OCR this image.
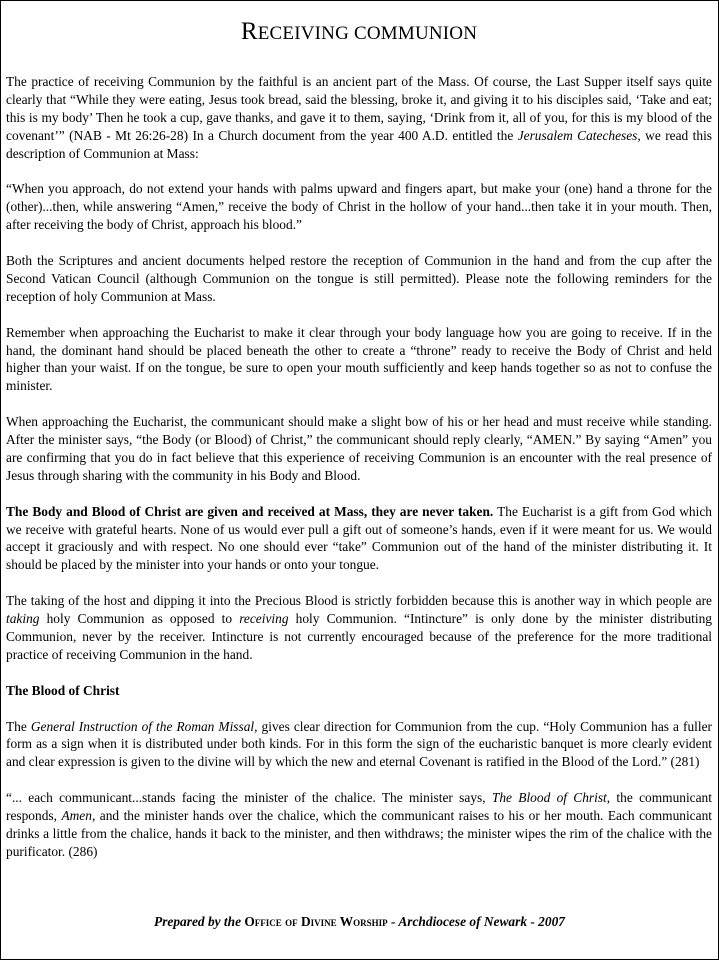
RECEIVING COMMUNION

The practice of receiving Communion by the faithful is an ancient part of the Mass. Of course, the Last Supper itself says quite clearly that “While they were eating, Jesus took bread, said the blessing, broke it, and giving it to his disciples said, ‘Take and eat; this is my body’ Then he took a cup, gave thanks, and gave it to them, saying, ‘Drink from it, all of you, for this is my blood of the covenant’” (NAB - Mt 26:26-28) In a Church document from the year 400 A.D. entitled the Jerusalem Catecheses, we read this description of Communion at Mass:

“When you approach, do not extend your hands with palms upward and fingers apart, but make your (one) hand a throne for the (other)...then, while answering “Amen,” receive the body of Christ in the hollow of your hand...then take it in your mouth. Then, after receiving the body of Christ, approach his blood.”

Both the Scriptures and ancient documents helped restore the reception of Communion in the hand and from the cup after the Second Vatican Council (although Communion on the tongue is still permitted). Please note the following reminders for the reception of holy Communion at Mass.

Remember when approaching the Eucharist to make it clear through your body language how you are going to receive. If in the hand, the dominant hand should be placed beneath the other to create a “throne” ready to receive the Body of Christ and held higher than your waist. If on the tongue, be sure to open your mouth sufficiently and keep hands together so as not to confuse the minister.

When approaching the Eucharist, the communicant should make a slight bow of his or her head and must receive while standing. After the minister says, “the Body (or Blood) of Christ,” the communicant should reply clearly, “AMEN.” By saying “Amen” you are confirming that you do in fact believe that this experience of receiving Communion is an encounter with the real presence of Jesus through sharing with the community in his Body and Blood.

The Body and Blood of Christ are given and received at Mass, they are never taken. The Eucharist is a gift from God which we receive with grateful hearts. None of us would ever pull a gift out of someone’s hands, even if it were meant for us. We would accept it graciously and with respect. No one should ever “take” Communion out of the hand of the minister distributing it. It should be placed by the minister into your hands or onto your tongue.

The taking of the host and dipping it into the Precious Blood is strictly forbidden because this is another way in which people are taking holy Communion as opposed to receiving holy Communion. “Intincture” is only done by the minister distributing Communion, never by the receiver. Intincture is not currently encouraged because of the preference for the more traditional practice of receiving Communion in the hand.

The Blood of Christ

The General Instruction of the Roman Missal, gives clear direction for Communion from the cup. “Holy Communion has a fuller form as a sign when it is distributed under both kinds. For in this form the sign of the eucharistic banquet is more clearly evident and clear expression is given to the divine will by which the new and eternal Covenant is ratified in the Blood of the Lord.” (281)

“... each communicant...stands facing the minister of the chalice. The minister says, The Blood of Christ, the communicant responds, Amen, and the minister hands over the chalice, which the communicant raises to his or her mouth. Each communicant drinks a little from the chalice, hands it back to the minister, and then withdraws; the minister wipes the rim of the chalice with the purificator. (286)

Prepared by the Office of Divine Worship - Archdiocese of Newark - 2007
